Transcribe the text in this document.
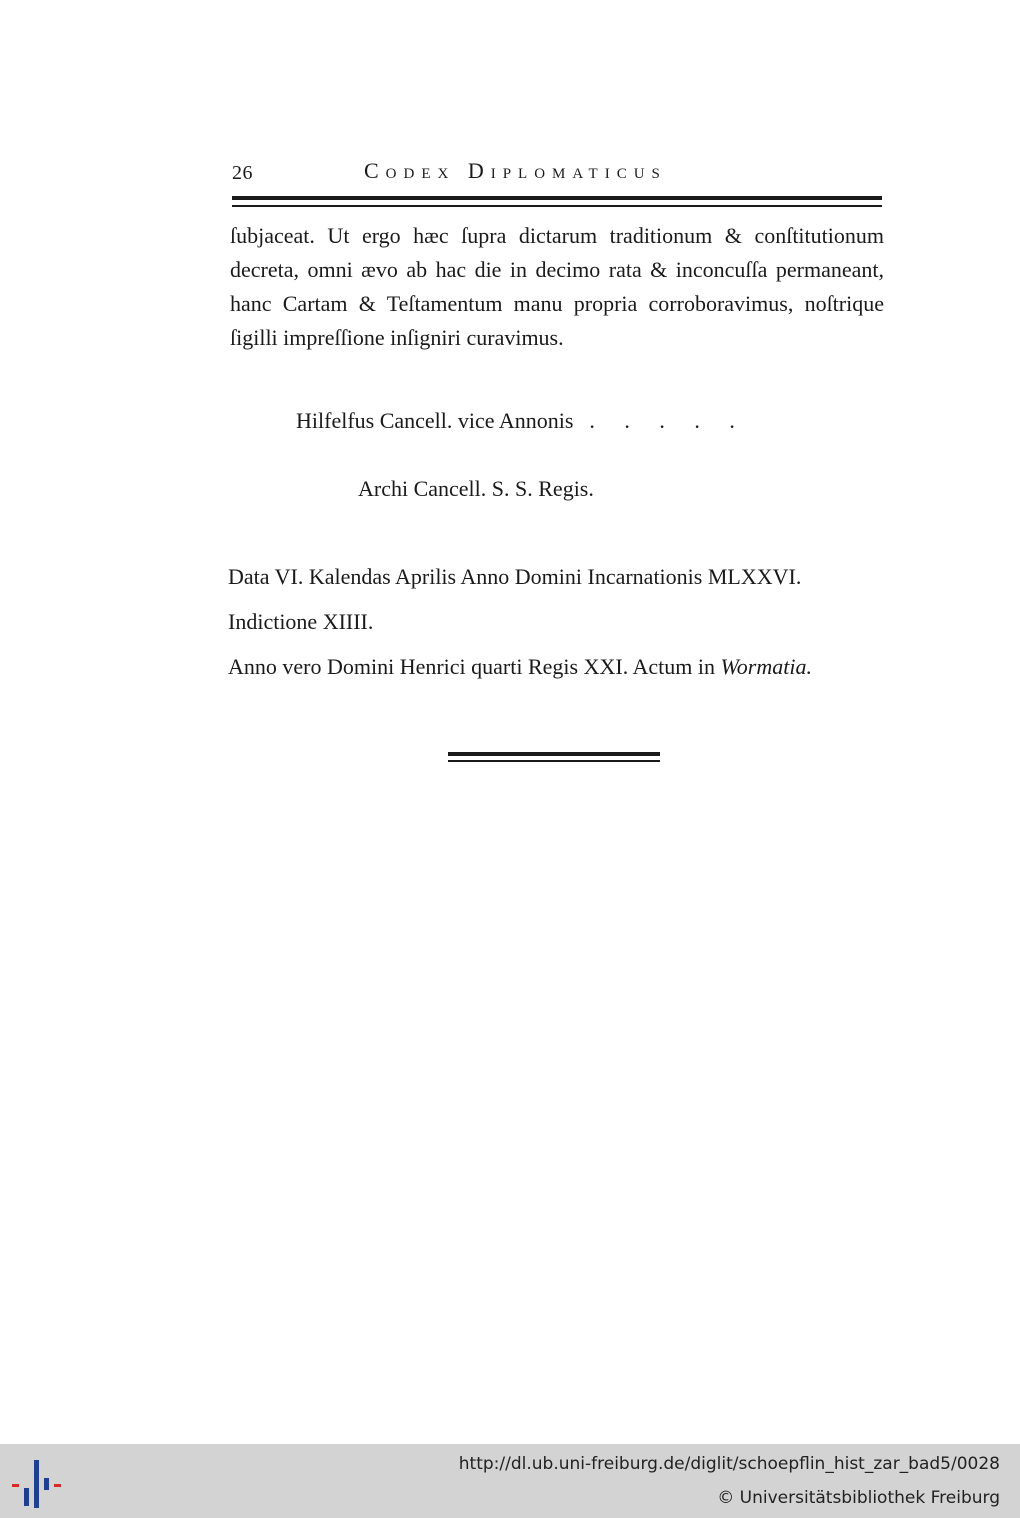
26	Codex Diplomaticus

ſubjaceat. Ut ergo hæc ſupra dictarum traditionum & conſtitutionum decreta, omni ævo ab hac die in decimo rata & inconcuſſa permaneant, hanc Cartam & Teſtamentum manu propria corroboravimus, noſtrique ſigilli impreſſione inſigniri curavimus.

Hilfelfus Cancell. vice Annonis . . . . .
Archi Cancell. S. S. Regis.
Data VI. Kalendas Aprilis Anno Domini Incarnationis MLXXVI.
Indictione XIIII.
Anno vero Domini Henrici quarti Regis XXI. Actum in Wormatia.
http://dl.ub.uni-freiburg.de/diglit/schoepflin_hist_zar_bad5/0028
© Universitätsbibliothek Freiburg
